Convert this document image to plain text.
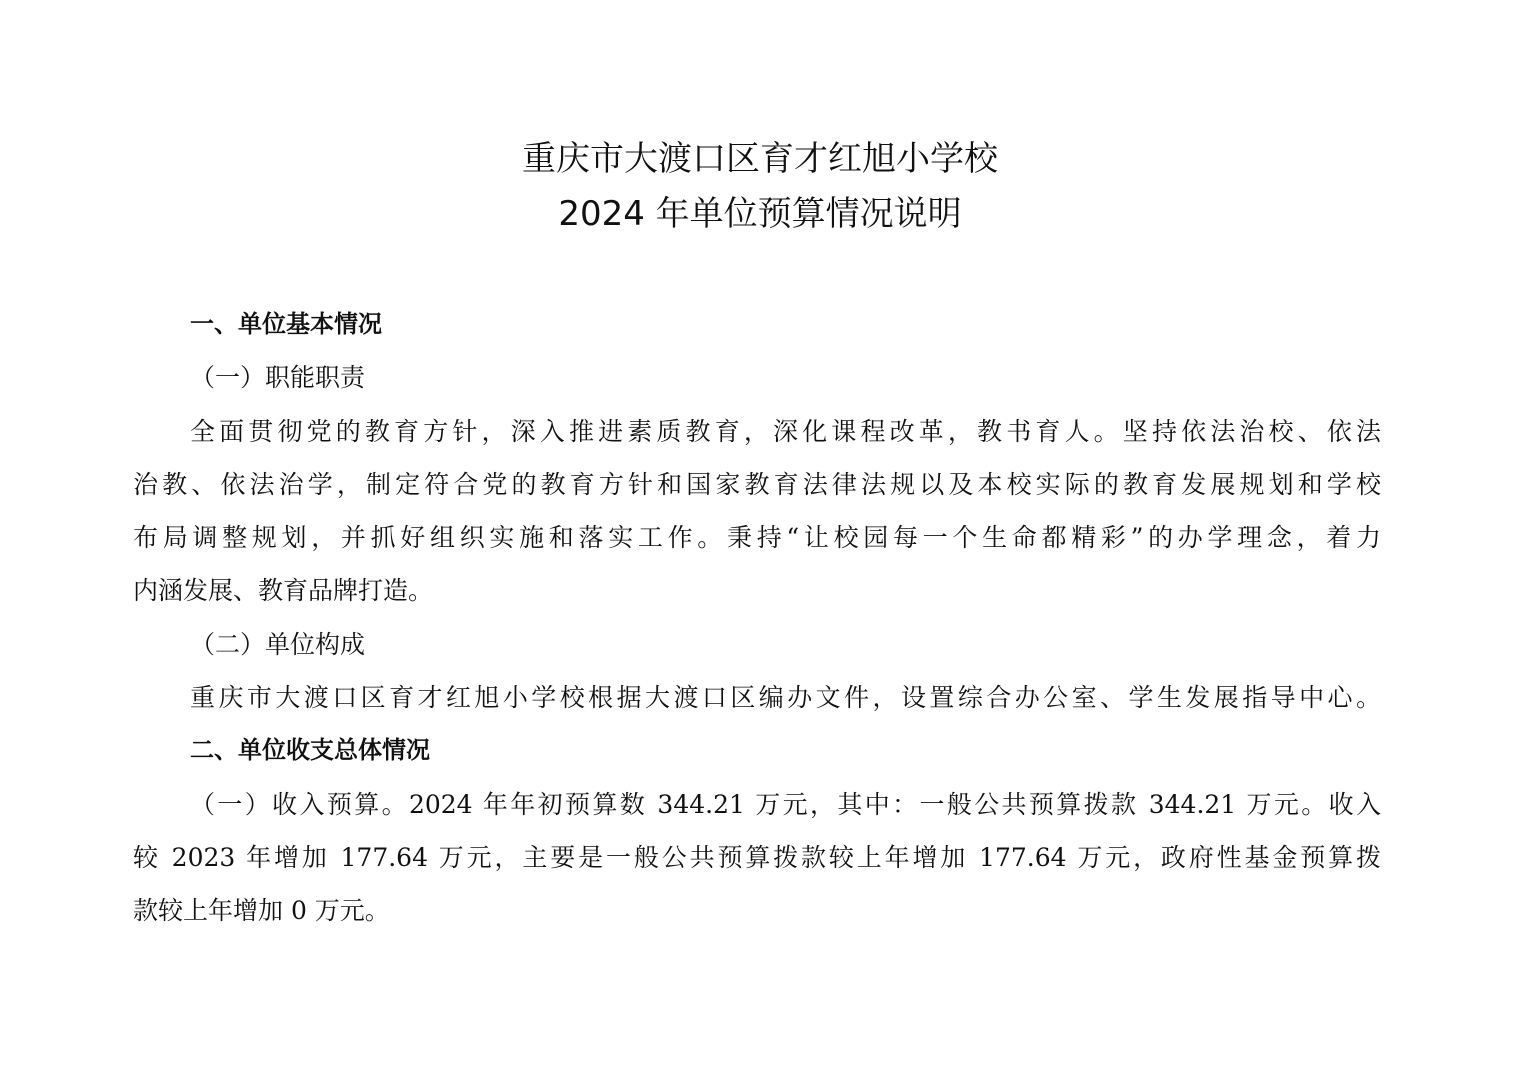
重庆市大渡口区育才红旭小学校
2024 年单位预算情况说明
一、单位基本情况
（一）职能职责
全面贯彻党的教育方针，深入推进素质教育，深化课程改革，教书育人。坚持依法治校、依法
治教、依法治学，制定符合党的教育方针和国家教育法律法规以及本校实际的教育发展规划和学校
布局调整规划，并抓好组织实施和落实工作。秉持“让校园每一个生命都精彩”的办学理念，着力
内涵发展、教育品牌打造。
（二）单位构成
重庆市大渡口区育才红旭小学校根据大渡口区编办文件，设置综合办公室、学生发展指导中心。
二、单位收支总体情况
（一）收入预算。2024 年年初预算数 344.21 万元，其中：一般公共预算拨款 344.21 万元。收入
较 2023 年增加 177.64 万元，主要是一般公共预算拨款较上年增加 177.64 万元，政府性基金预算拨
款较上年增加 0 万元。
